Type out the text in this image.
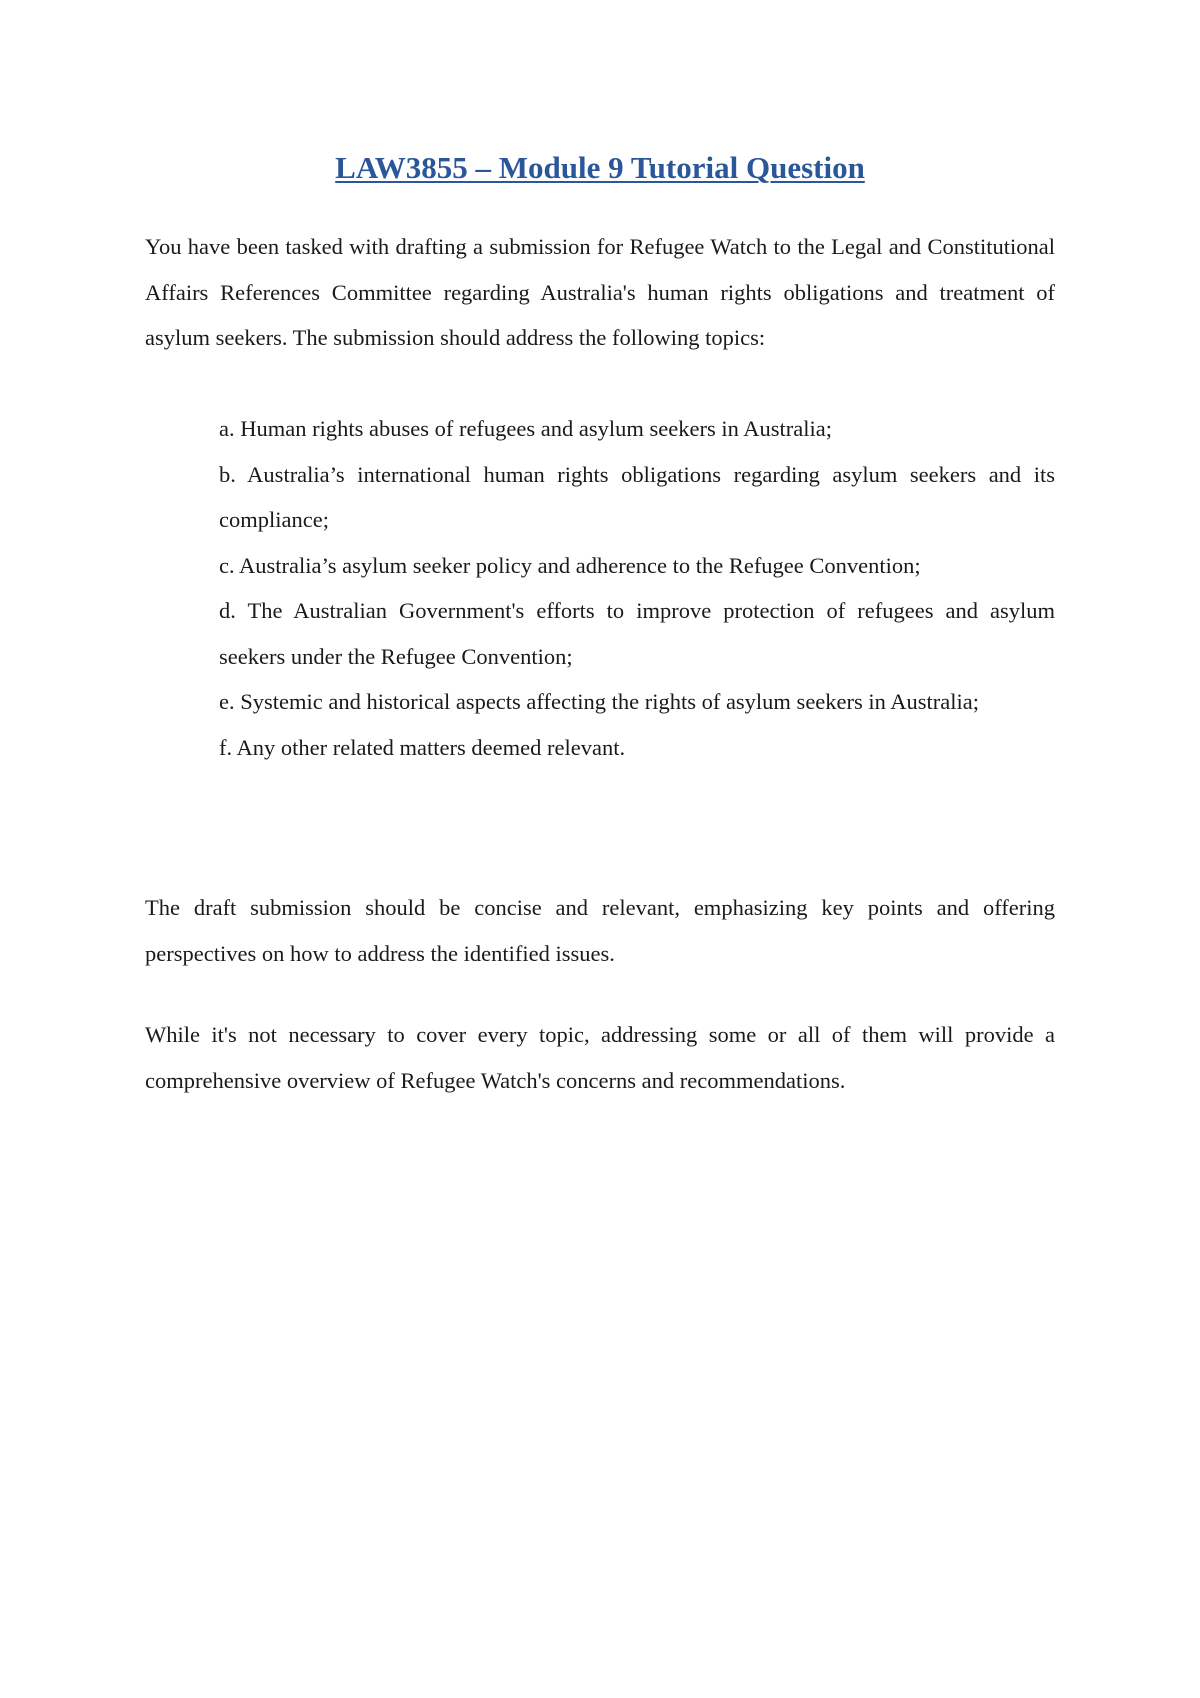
LAW3855 – Module 9 Tutorial Question

You have been tasked with drafting a submission for Refugee Watch to the Legal and Constitutional Affairs References Committee regarding Australia's human rights obligations and treatment of asylum seekers. The submission should address the following topics:

a. Human rights abuses of refugees and asylum seekers in Australia;
b. Australia’s international human rights obligations regarding asylum seekers and its compliance;
c. Australia’s asylum seeker policy and adherence to the Refugee Convention;
d. The Australian Government's efforts to improve protection of refugees and asylum seekers under the Refugee Convention;
e. Systemic and historical aspects affecting the rights of asylum seekers in Australia;
f. Any other related matters deemed relevant.

The draft submission should be concise and relevant, emphasizing key points and offering perspectives on how to address the identified issues.

While it's not necessary to cover every topic, addressing some or all of them will provide a comprehensive overview of Refugee Watch's concerns and recommendations.
